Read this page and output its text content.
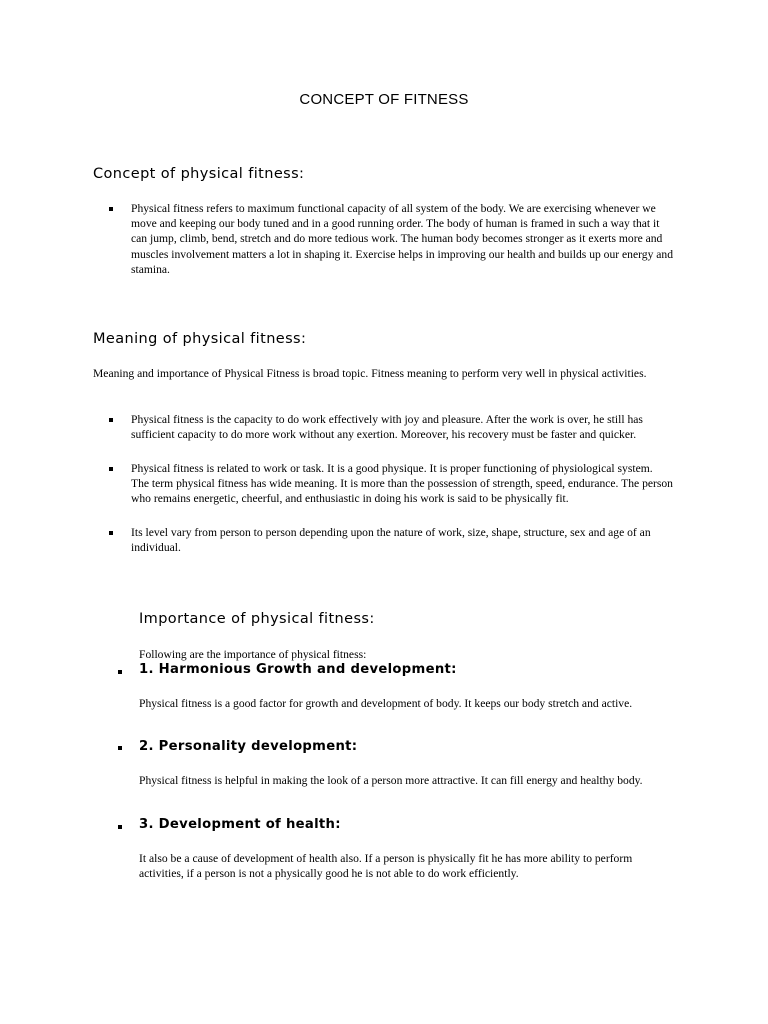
CONCEPT OF FITNESS
Concept of physical fitness:
Physical fitness refers to maximum functional capacity of all system of the body. We are exercising whenever we move and keeping our body tuned and in a good running order. The body of human is framed in such a way that it can jump, climb, bend, stretch and do more tedious work. The human body becomes stronger as it exerts more and muscles involvement matters a lot in shaping it. Exercise helps in improving our health and builds up our energy and stamina.
Meaning of physical fitness:
Meaning and importance of Physical Fitness is broad topic. Fitness meaning to perform very well in physical activities.
Physical fitness is the capacity to do work effectively with joy and pleasure. After the work is over, he still has sufficient capacity to do more work without any exertion. Moreover, his recovery must be faster and quicker.
Physical fitness is related to work or task. It is a good physique. It is proper functioning of physiological system. The term physical fitness has wide meaning. It is more than the possession of strength, speed, endurance. The person who remains energetic, cheerful, and enthusiastic in doing his work is said to be physically fit.
Its level vary from person to person depending upon the nature of work, size, shape, structure, sex and age of an individual.
Importance of physical fitness:
Following are the importance of physical fitness:
1. Harmonious Growth and development:
Physical fitness is a good factor for growth and development of body. It keeps our body stretch and active.
2. Personality development:
Physical fitness is helpful in making the look of a person more attractive. It can fill energy and healthy body.
3. Development of health:
It also be a cause of development of health also. If a person is physically fit he has more ability to perform activities, if a person is not a physically good he is not able to do work efficiently.
